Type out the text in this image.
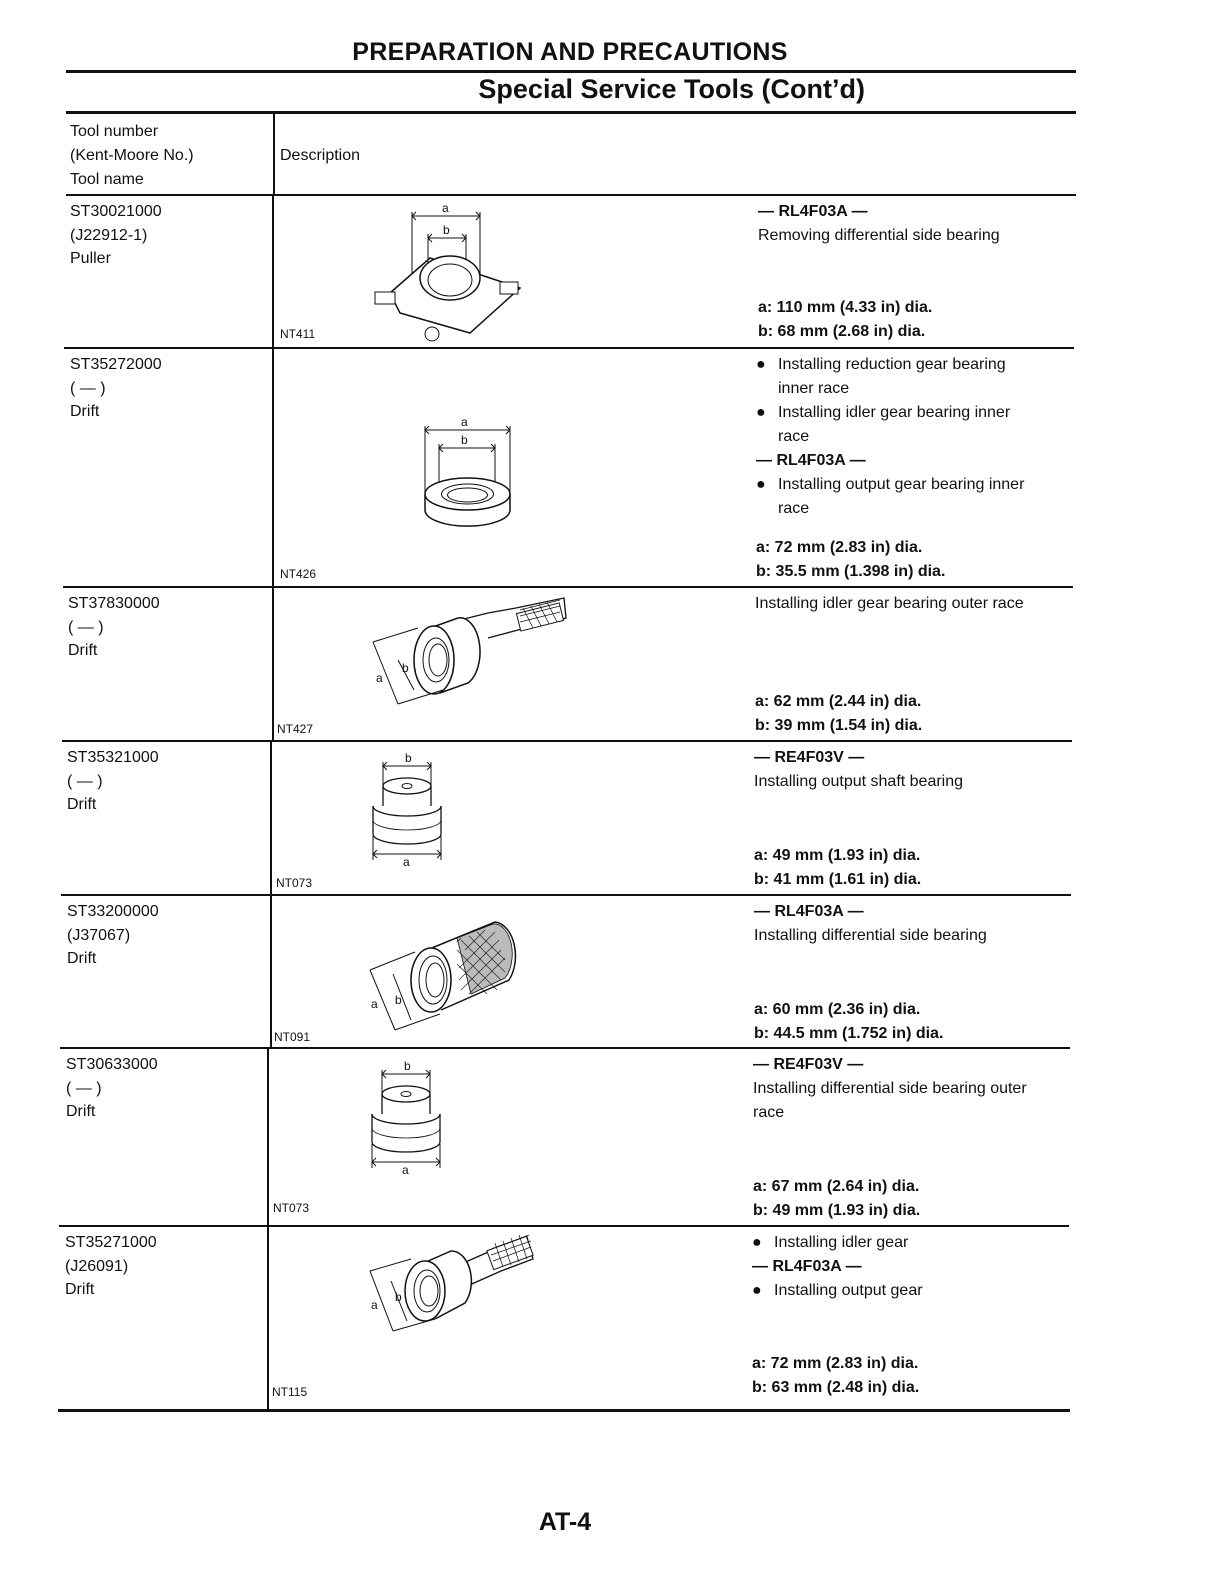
PREPARATION AND PRECAUTIONS
Special Service Tools (Cont’d)
Tool number
(Kent-Moore No.)
Tool name
Description
ST30021000
(J22912-1)
Puller
NT411
— RL4F03A —
Removing differential side bearing
a: 110 mm (4.33 in) dia.
b: 68 mm (2.68 in) dia.
a
b
ST35272000
( — )
Drift
NT426
● Installing reduction gear bearing
inner race
● Installing idler gear bearing inner
race
— RL4F03A —
● Installing output gear bearing inner
race
a: 72 mm (2.83 in) dia.
b: 35.5 mm (1.398 in) dia.
a
b
ST37830000
( — )
Drift
NT427
Installing idler gear bearing outer race
a: 62 mm (2.44 in) dia.
b: 39 mm (1.54 in) dia.
a
b
ST35321000
( — )
Drift
NT073
— RE4F03V —
Installing output shaft bearing
a: 49 mm (1.93 in) dia.
b: 41 mm (1.61 in) dia.
b
a
ST33200000
(J37067)
Drift
NT091
— RL4F03A —
Installing differential side bearing
a: 60 mm (2.36 in) dia.
b: 44.5 mm (1.752 in) dia.
a b
ST30633000
( — )
Drift
NT073
— RE4F03V —
Installing differential side bearing outer
race
a: 67 mm (2.64 in) dia.
b: 49 mm (1.93 in) dia.
b
a
ST35271000
(J26091)
Drift
NT115
● Installing idler gear
— RL4F03A —
● Installing output gear
a: 72 mm (2.83 in) dia.
b: 63 mm (2.48 in) dia.
a
b
AT-4
